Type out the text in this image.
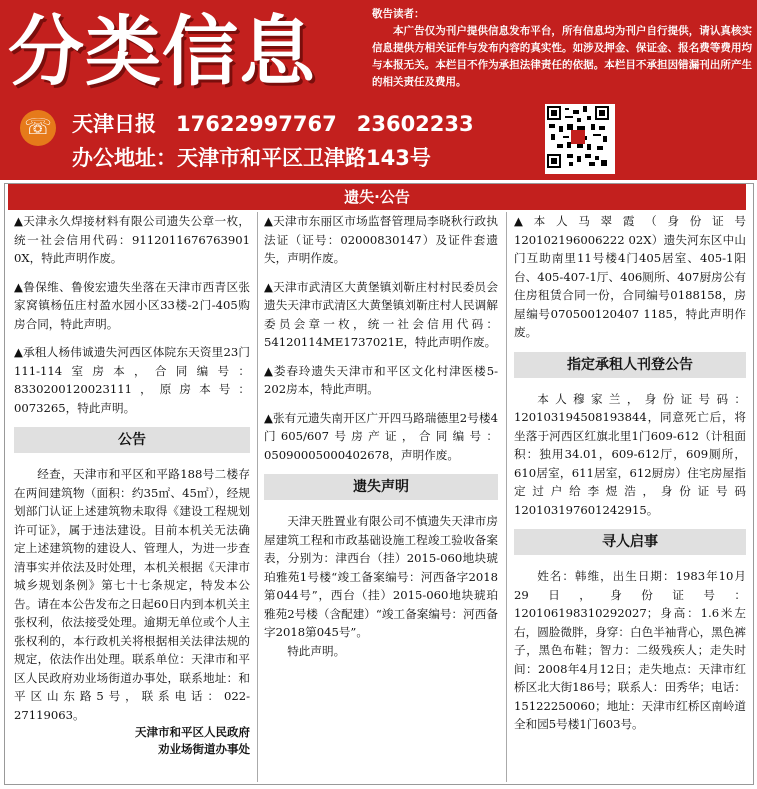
分类信息	敬告读者：
本广告仅为刊户提供信息发布平台，所有信息均为刊户自行提供，请认真核实信息提供方相关证件与发布内容的真实性。如涉及押金、保证金、报名费等费用均与本报无关。本栏目不作为承担法律责任的依据。本栏目不承担因错漏刊出所产生的相关责任及费用。
☏ 天津日报 17622997767 23602233
办公地址：天津市和平区卫津路143号
遗失·公告
▲天津永久焊接材料有限公司遗失公章一枚，统一社会信用代码：9112011676763901 0X，特此声明作废。
▲鲁保维、鲁俊宏遗失坐落在天津市西青区张家窝镇杨伍庄村盈水园小区33楼-2门-405购房合同，特此声明。
▲承租人杨伟诚遗失河西区体院东天资里23门111-114室房本，合同编号：8330200120023111，原房本号：0073265，特此声明。
公告
经查，天津市和平区和平路188号二楼存在两间建筑物（面积：约35㎡、45㎡），经规划部门认证上述建筑物未取得《建设工程规划许可证》，属于违法建设。目前本机关无法确定上述建筑物的建设人、管理人，为进一步查清事实并依法及时处理，本机关根据《天津市城乡规划条例》第七十七条规定，特发本公告。请在本公告发布之日起60日内到本机关主张权利，依法接受处理。逾期无单位或个人主张权利的，本行政机关将根据相关法律法规的规定，依法作出处理。联系单位：天津市和平区人民政府劝业场街道办事处，联系地址：和平区山东路5号，联系电话：022-27119063。
天津市和平区人民政府
劝业场街道办事处
▲天津市东丽区市场监督管理局李晓秋行政执法证（证号：02000830147）及证件套遗失，声明作废。
▲天津市武清区大黄堡镇刘靳庄村村民委员会遗失天津市武清区大黄堡镇刘靳庄村人民调解委员会章一枚，统一社会信用代码：54120114ME1737021E，特此声明作废。
▲娄春玲遗失天津市和平区文化村津医楼5-202房本，特此声明。
▲张有元遗失南开区广开四马路瑞德里2号楼4门605/607号房产证，合同编号：05090005000402678，声明作废。
遗失声明
天津天胜置业有限公司不慎遗失天津市房屋建筑工程和市政基础设施工程竣工验收备案表，分别为：津西台（挂）2015-060地块琥珀雅苑1号楼“竣工备案编号：河西备字2018第044号”，西台（挂）2015-060地块琥珀雅苑2号楼（含配建）“竣工备案编号：河西备字2018第045号”。
特此声明。
▲本人马翠霞（身份证号120102196006222 02X）遗失河东区中山门互助南里11号楼4门405居室、405-1阳台、405-407-1厅、406厕所、407厨房公有住房租赁合同一份，合同编号0188158，房屋编号070500120407 1185，特此声明作废。
指定承租人刊登公告
本人穆家兰，身份证号码：120103194508193844，同意死亡后，将坐落于河西区红旗北里1门609-612（计租面积：独用34.01，609-612厅，609厕所，610居室，611居室，612厨房）住宅房屋指定过户给李煜浩，身份证号码120103197601242915。
寻人启事
姓名：韩维，出生日期：1983年10月29日，身份证号：120106198310292027；身高：1.6米左右，圆脸微胖，身穿：白色半袖背心，黑色裤子，黑色布鞋；智力：二级残疾人；走失时间：2008年4月12日；走失地点：天津市红桥区北大街186号；联系人：田秀华；电话：15122250060；地址：天津市红桥区南岭道全和园5号楼1门603号。
